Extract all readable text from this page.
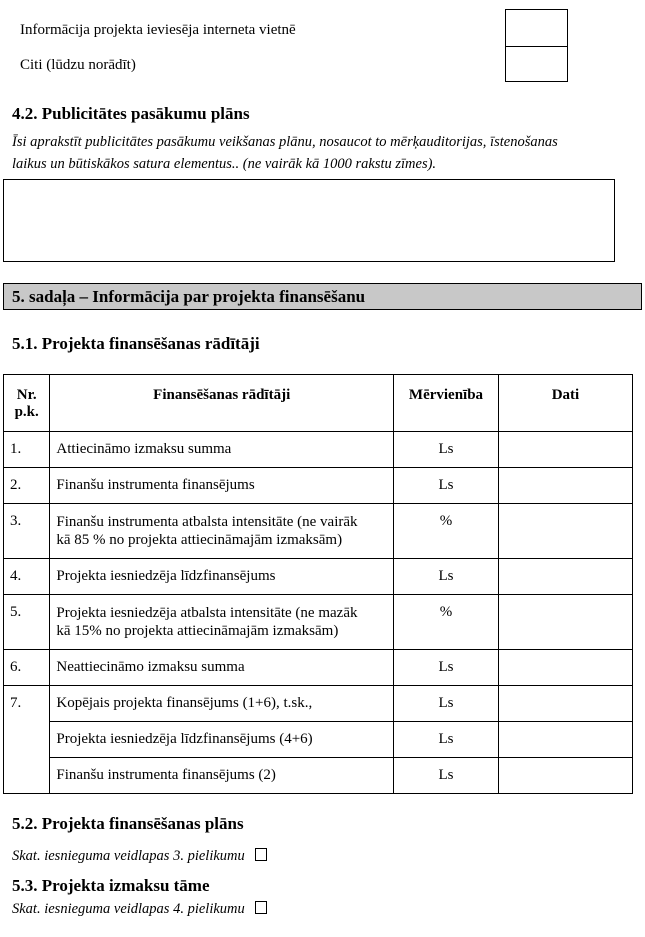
Informācija projekta ieviesēja interneta vietnē
Citi (lūdzu norādīt)
4.2. Publicitātes pasākumu plāns
Īsi aprakstīt publicitātes pasākumu veikšanas plānu, nosaucot to mērķauditorijas, īstenošanas
laikus un būtiskākos satura elementus.. (ne vairāk kā 1000 rakstu zīmes).
5. sadaļa – Informācija par projekta finansēšanu
5.1. Projekta finansēšanas rādītāji
Nr.
p.k.	Finansēšanas rādītāji	Mērvienība	Dati
1.	Attiecināmo izmaksu summa	Ls	
2.	Finanšu instrumenta finansējums	Ls	
3.	Finanšu instrumenta atbalsta intensitāte (ne vairāk
kā 85 % no projekta attiecināmajām izmaksām)	%	
4.	Projekta iesniedzēja līdzfinansējums	Ls	
5.	Projekta iesniedzēja atbalsta intensitāte (ne mazāk
kā 15% no projekta attiecināmajām izmaksām)	%	
6.	Neattiecināmo izmaksu summa	Ls	
7.	Kopējais projekta finansējums (1+6), t.sk.,	Ls	
	Projekta iesniedzēja līdzfinansējums (4+6)	Ls	
	Finanšu instrumenta finansējums (2)	Ls	
5.2. Projekta finansēšanas plāns
Skat. iesnieguma veidlapas 3. pielikumu
5.3. Projekta izmaksu tāme
Skat. iesnieguma veidlapas 4. pielikumu
